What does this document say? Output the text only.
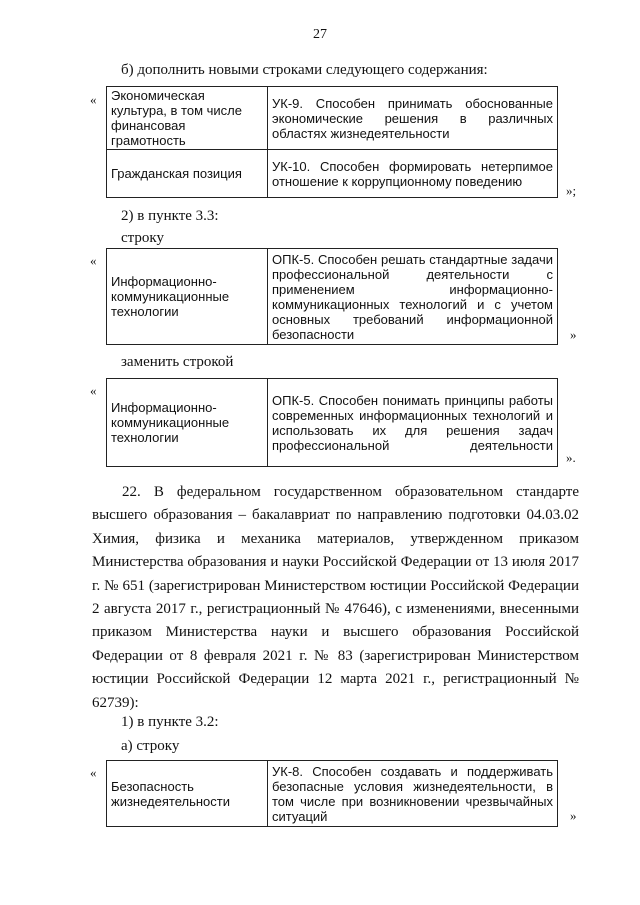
27
б) дополнить новыми строками следующего содержания:
« Экономическая культура, в том числе финансовая грамотность	УК-9. Способен принимать обоснованные экономические решения в различных областях жизнедеятельности
Гражданская позиция	УК-10. Способен формировать нетерпимое отношение к коррупционному поведению
»;
2) в пункте 3.3:
строку
«
Информационно-коммуникационные технологии	ОПК-5. Способен решать стандартные задачи профессиональной деятельности с применением информационно-коммуникационных технологий и с учетом основных требований информационной безопасности	»
заменить строкой
«
Информационно-коммуникационные технологии	ОПК-5. Способен понимать принципы работы современных информационных технологий и использовать их для решения задач профессиональной деятельности
».
22. В федеральном государственном образовательном стандарте высшего образования – бакалавриат по направлению подготовки 04.03.02 Химия, физика и механика материалов, утвержденном приказом Министерства образования и науки Российской Федерации от 13 июля 2017 г. № 651 (зарегистрирован Министерством юстиции Российской Федерации 2 августа 2017 г., регистрационный № 47646), с изменениями, внесенными приказом Министерства науки и высшего образования Российской Федерации от 8 февраля 2021 г. № 83 (зарегистрирован Министерством юстиции Российской Федерации 12 марта 2021 г., регистрационный № 62739):
1) в пункте 3.2:
а) строку
«
Безопасность жизнедеятельности	УК-8. Способен создавать и поддерживать безопасные условия жизнедеятельности, в том числе при возникновении чрезвычайных ситуаций	»
